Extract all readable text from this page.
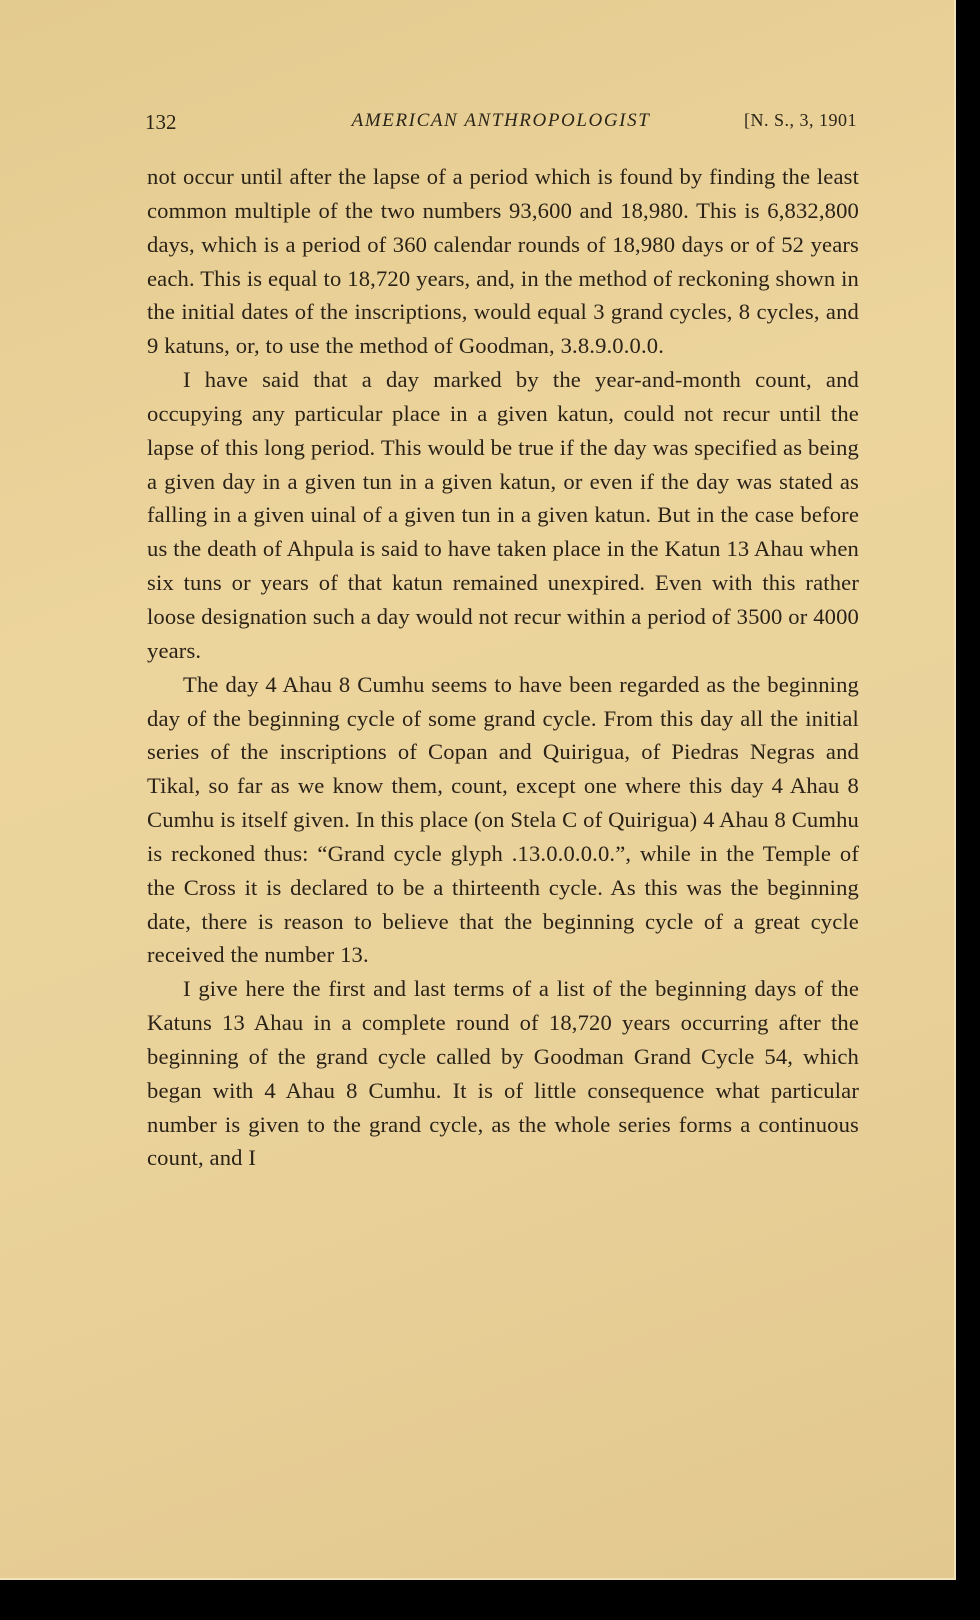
132	AMERICAN ANTHROPOLOGIST	[N. S., 3, 1901

not occur until after the lapse of a period which is found by finding the least common multiple of the two numbers 93,600 and 18,980. This is 6,832,800 days, which is a period of 360 calendar rounds of 18,980 days or of 52 years each. This is equal to 18,720 years, and, in the method of reckoning shown in the initial dates of the inscriptions, would equal 3 grand cycles, 8 cycles, and 9 katuns, or, to use the method of Goodman, 3.8.9.0.0.0.

I have said that a day marked by the year-and-month count, and occupying any particular place in a given katun, could not recur until the lapse of this long period. This would be true if the day was specified as being a given day in a given tun in a given katun, or even if the day was stated as falling in a given uinal of a given tun in a given katun. But in the case before us the death of Ahpula is said to have taken place in the Katun 13 Ahau when six tuns or years of that katun remained unexpired. Even with this rather loose designation such a day would not recur within a period of 3500 or 4000 years.

The day 4 Ahau 8 Cumhu seems to have been regarded as the beginning day of the beginning cycle of some grand cycle. From this day all the initial series of the inscriptions of Copan and Quirigua, of Piedras Negras and Tikal, so far as we know them, count, except one where this day 4 Ahau 8 Cumhu is itself given. In this place (on Stela C of Quirigua) 4 Ahau 8 Cumhu is reckoned thus: “Grand cycle glyph .13.0.0.0.0.”, while in the Temple of the Cross it is declared to be a thirteenth cycle. As this was the beginning date, there is reason to believe that the beginning cycle of a great cycle received the number 13.

I give here the first and last terms of a list of the beginning days of the Katuns 13 Ahau in a complete round of 18,720 years occurring after the beginning of the grand cycle called by Goodman Grand Cycle 54, which began with 4 Ahau 8 Cumhu. It is of little consequence what particular number is given to the grand cycle, as the whole series forms a continuous count, and I
